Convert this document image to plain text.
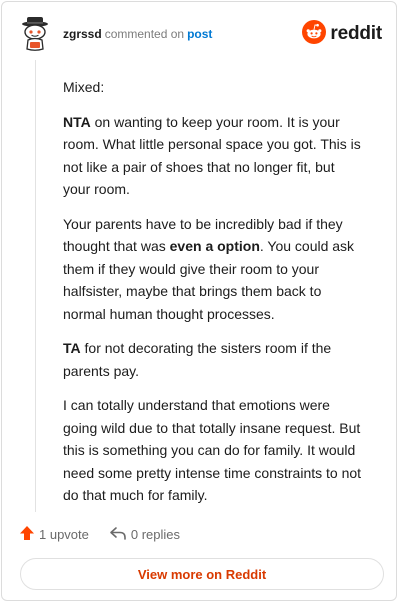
zgrssd commented on post	reddit

Mixed:

NTA on wanting to keep your room. It is your room. What little personal space you got. This is not like a pair of shoes that no longer fit, but your room.

Your parents have to be incredibly bad if they thought that was even a option. You could ask them if they would give their room to your halfsister, maybe that brings them back to normal human thought processes.

TA for not decorating the sisters room if the parents pay.

I can totally understand that emotions were going wild due to that totally insane request. But this is something you can do for family. It would need some pretty intense time constraints to not do that much for family.

1 upvote	0 replies
View more on Reddit
